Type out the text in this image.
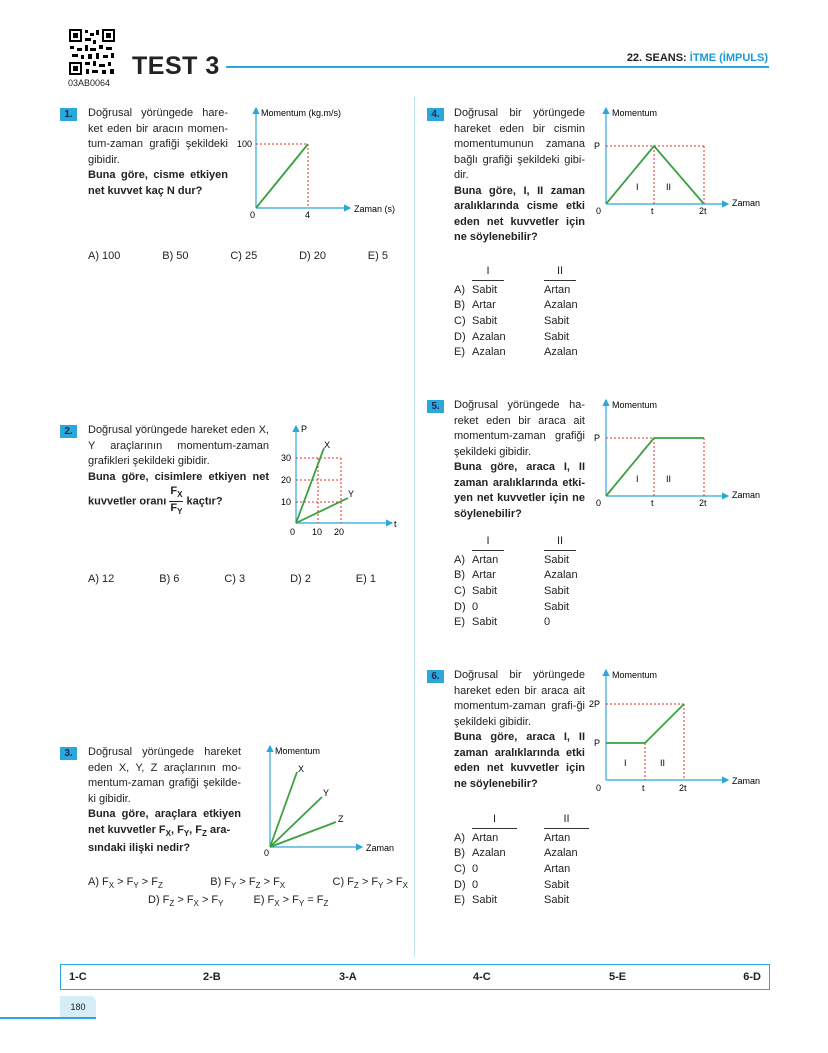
03AB0064
TEST 3	22. SEANS: İTME (İMPULS)
1.	Doğrusal yörüngede hare-ket eden bir aracın momen-tum-zaman grafiği şekildeki gibidir.
Buna göre, cisme etkiyen net kuvvet kaç N dur?
Momentum (kg.m/s)
Zaman (s)
100
0	4
A) 100	B) 50	C) 25	D) 20	E) 5
2.	Doğrusal yörüngede hareket eden X, Y araçlarının momentum-zaman grafikleri şekildeki gibidir.
Buna göre, cisimlere etkiyen net kuvvetler oranı $\frac{F_X}{F_Y}$ kaçtır?
P
t
X
Y
30
20
10
0 10 20
A) 12	B) 6	C) 3	D) 2	E) 1
3.	Doğrusal yörüngede hareket eden X, Y, Z araçlarının mo-mentum-zaman grafiği şekilde-ki gibidir.
Buna göre, araçlara etkiyen net kuvvetler $F_X$, $F_Y$, $F_Z$ ara-
sındaki ilişki nedir?
Momentum
Zaman
X
Y
Z
0
A) $F_X > F_Y > F_Z$	B) $F_Y > F_Z > F_X$	C) $F_Z > F_Y > F_X$
D) $F_Z > F_X > F_Y$	E) $F_X > F_Y = F_Z$
4.	Doğrusal bir yörüngede hareket eden bir cismin momentumunun zamana bağlı grafiği şekildeki gibi-dir.
Buna göre, I, II zaman aralıklarında cisme etki eden net kuvvetler için ne söylenebilir?
Momentum
Zaman
P
I	II
0	t	2t
I	II
A) Sabit	Artan
B) Artar	Azalan
C) Sabit	Sabit
D) Azalan	Sabit
E) Azalan	Azalan
5.	Doğrusal yörüngede ha-reket eden bir araca ait momentum-zaman grafiği şekildeki gibidir.
Buna göre, araca I, II zaman aralıklarında etki-yen net kuvvetler için ne söylenebilir?
Momentum
Zaman
P
I	II
0	t	2t
I	II
A) Artan	Sabit
B) Artar	Azalan
C) Sabit	Sabit
D) 0	Sabit
E) Sabit	0
6.	Doğrusal bir yörüngede hareket eden bir araca ait momentum-zaman grafi-ği şekildeki gibidir.
Buna göre, araca I, II zaman aralıklarında etki eden net kuvvetler için ne söylenebilir?
Momentum
Zaman
2P
P
I	II
0	t	2t
I	II
A) Artan	Artan
B) Azalan	Azalan
C) 0	Artan
D) 0	Sabit
E) Sabit	Sabit
1-C	2-B	3-A	4-C	5-E	6-D
180
